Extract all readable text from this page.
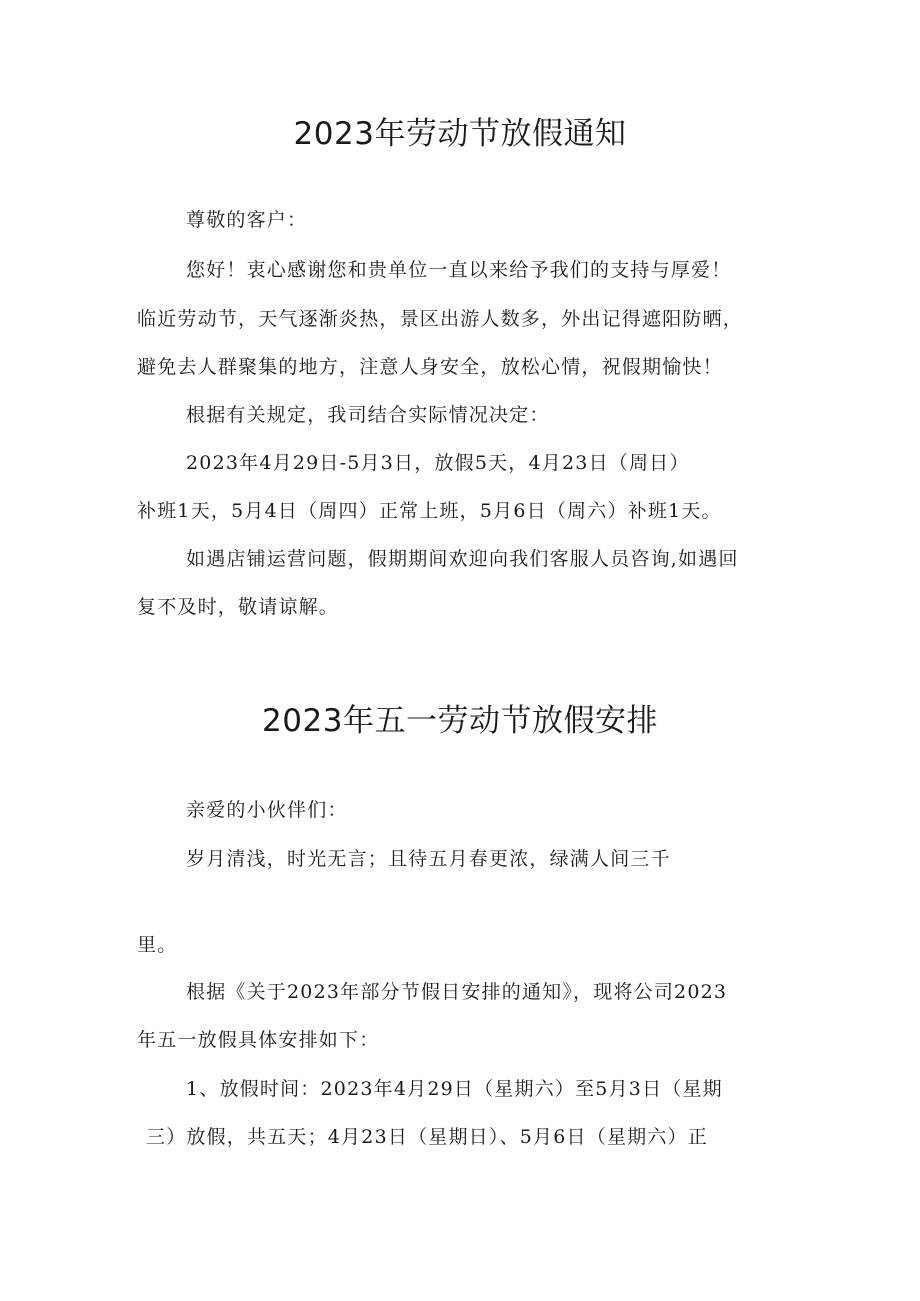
2023年劳动节放假通知

尊敬的客户：

您好！衷心感谢您和贵单位一直以来给予我们的支持与厚爱！

临近劳动节，天气逐渐炎热，景区出游人数多，外出记得遮阳防晒，

避免去人群聚集的地方，注意人身安全，放松心情，祝假期愉快！

根据有关规定，我司结合实际情况决定：

2023年4月29日-5月3日，放假5天，4月23日（周日）

补班1天，5月4日（周四）正常上班，5月6日（周六）补班1天。

如遇店铺运营问题，假期期间欢迎向我们客服人员咨询,如遇回

复不及时，敬请谅解。

2023年五一劳动节放假安排

亲爱的小伙伴们：

岁月清浅，时光无言；且待五月春更浓，绿满人间三千

里。

根据《关于2023年部分节假日安排的通知》，现将公司2023

年五一放假具体安排如下：

1、放假时间：2023年4月29日（星期六）至5月3日（星期

三）放假，共五天；4月23日（星期日）、5月6日（星期六）正
